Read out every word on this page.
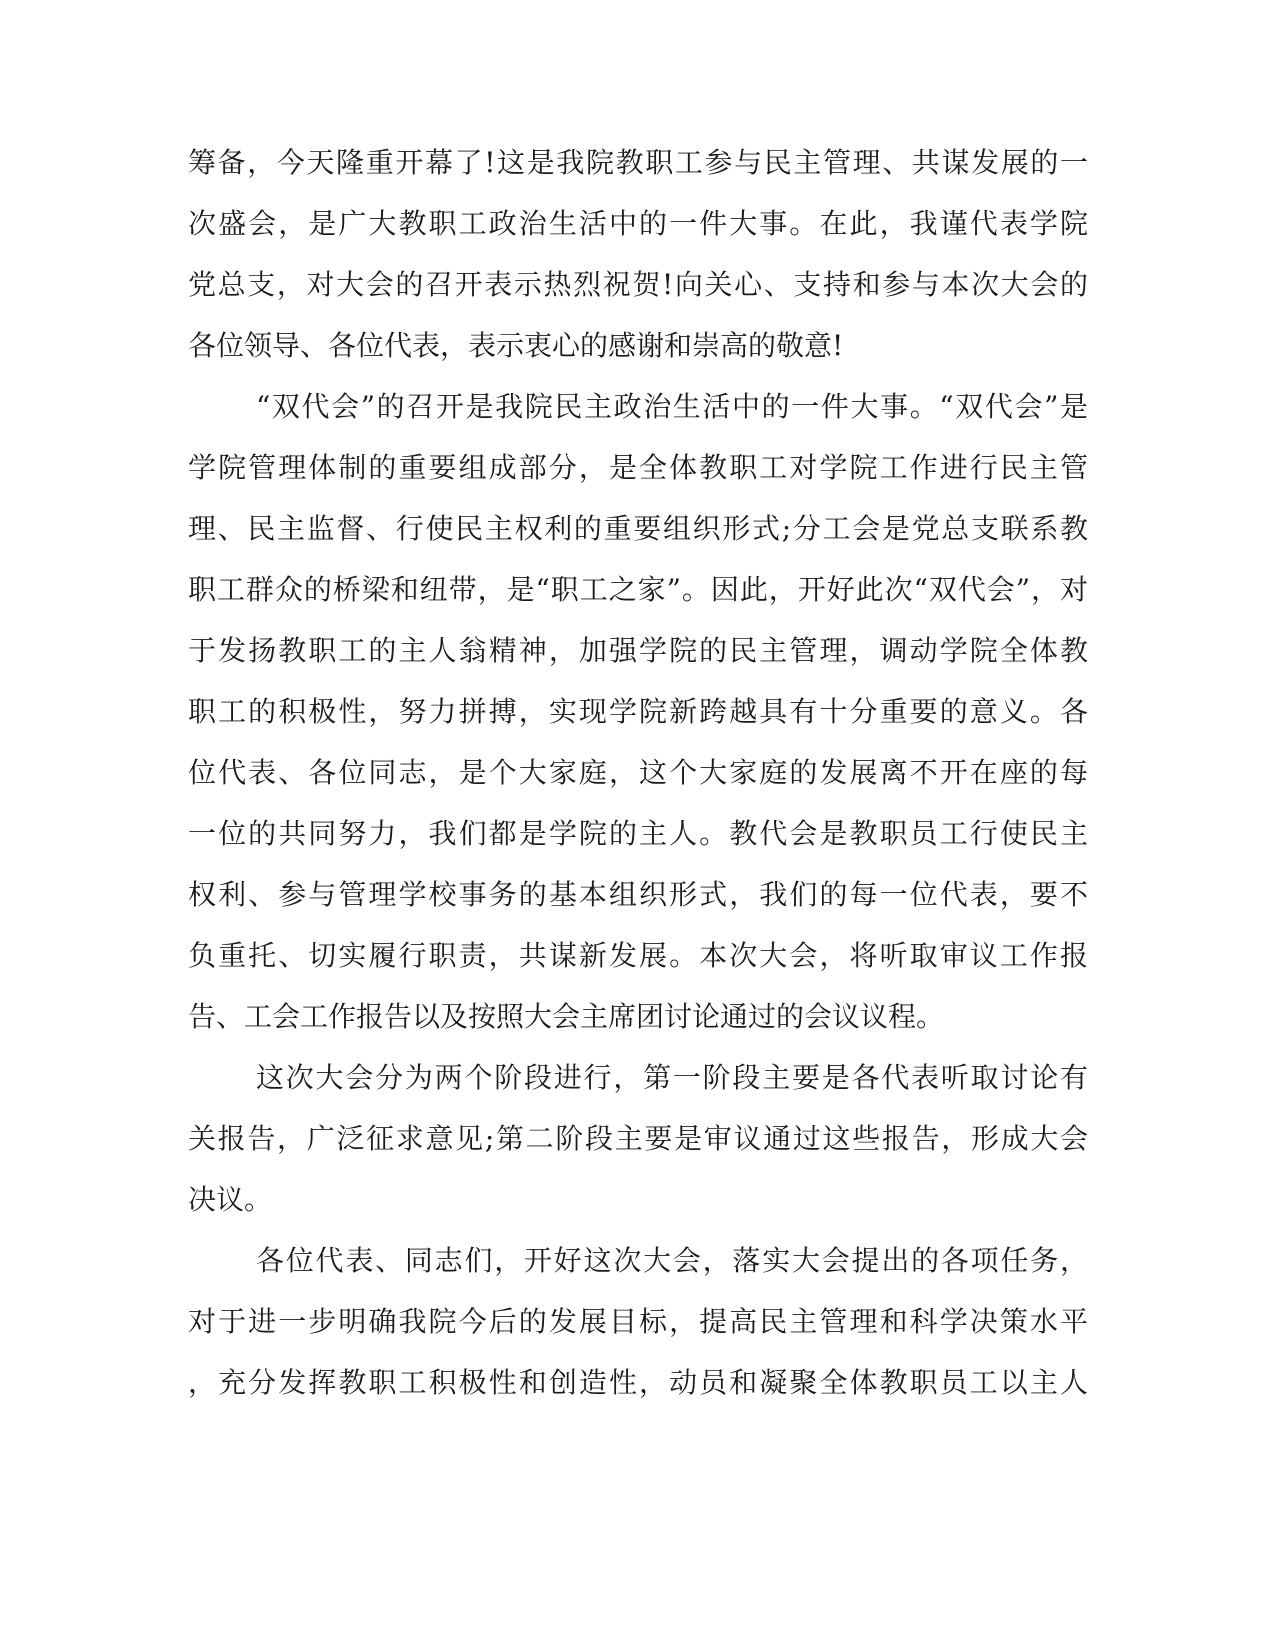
筹备，今天隆重开幕了!这是我院教职工参与民主管理、共谋发展的一
次盛会，是广大教职工政治生活中的一件大事。在此，我谨代表学院
党总支，对大会的召开表示热烈祝贺!向关心、支持和参与本次大会的
各位领导、各位代表，表示衷心的感谢和崇高的敬意!
“双代会”的召开是我院民主政治生活中的一件大事。“双代会”是
学院管理体制的重要组成部分，是全体教职工对学院工作进行民主管
理、民主监督、行使民主权利的重要组织形式;分工会是党总支联系教
职工群众的桥梁和纽带，是“职工之家”。因此，开好此次“双代会”，对
于发扬教职工的主人翁精神，加强学院的民主管理，调动学院全体教
职工的积极性，努力拼搏，实现学院新跨越具有十分重要的意义。各
位代表、各位同志，是个大家庭，这个大家庭的发展离不开在座的每
一位的共同努力，我们都是学院的主人。教代会是教职员工行使民主
权利、参与管理学校事务的基本组织形式，我们的每一位代表，要不
负重托、切实履行职责，共谋新发展。本次大会，将听取审议工作报
告、工会工作报告以及按照大会主席团讨论通过的会议议程。
这次大会分为两个阶段进行，第一阶段主要是各代表听取讨论有
关报告，广泛征求意见;第二阶段主要是审议通过这些报告，形成大会
决议。
各位代表、同志们，开好这次大会，落实大会提出的各项任务，
对于进一步明确我院今后的发展目标，提高民主管理和科学决策水平
，充分发挥教职工积极性和创造性，动员和凝聚全体教职员工以主人
